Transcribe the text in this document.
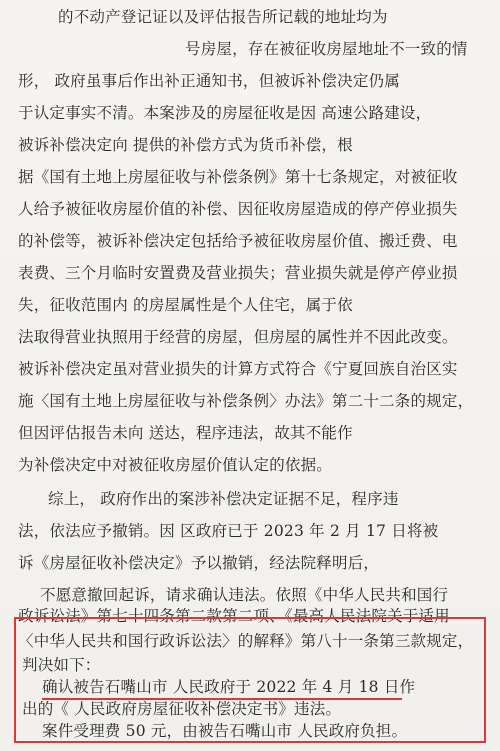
的不动产登记证以及评估报告所记载的地址均为
号房屋，存在被征收房屋地址不一致的情
形， 政府虽事后作出补正通知书，但被诉补偿决定仍属
于认定事实不清。本案涉及的房屋征收是因 高速公路建设，
被诉补偿决定向 提供的补偿方式为货币补偿，根
据《国有土地上房屋征收与补偿条例》第十七条规定，对被征收
人给予被征收房屋价值的补偿、因征收房屋造成的停产停业损失
的补偿等，被诉补偿决定包括给予被征收房屋价值、搬迁费、电
表费、三个月临时安置费及营业损失；营业损失就是停产停业损
失，征收范围内 的房屋属性是个人住宅，属于依
法取得营业执照用于经营的房屋，但房屋的属性并不因此改变。
被诉补偿决定虽对营业损失的计算方式符合《宁夏回族自治区实
施〈国有土地上房屋征收与补偿条例〉办法》第二十二条的规定，
但因评估报告未向 送达，程序违法，故其不能作
为补偿决定中对被征收房屋价值认定的依据。
综上， 政府作出的案涉补偿决定证据不足，程序违
法，依法应予撤销。因 区政府已于 2023 年 2 月 17 日将被
诉《房屋征收补偿决定》予以撤销，经法院释明后，
不愿意撤回起诉，请求确认违法。依照《中华人民共和国行
政诉讼法》第七十四条第二款第二项、《最高人民法院关于适用
〈中华人民共和国行政诉讼法〉的解释》第八十一条第三款规定，
判决如下：
确认被告石嘴山市 人民政府于 2022 年 4 月 18 日作
出的《 人民政府房屋征收补偿决定书》违法。
案件受理费 50 元，由被告石嘴山市 人民政府负担。
